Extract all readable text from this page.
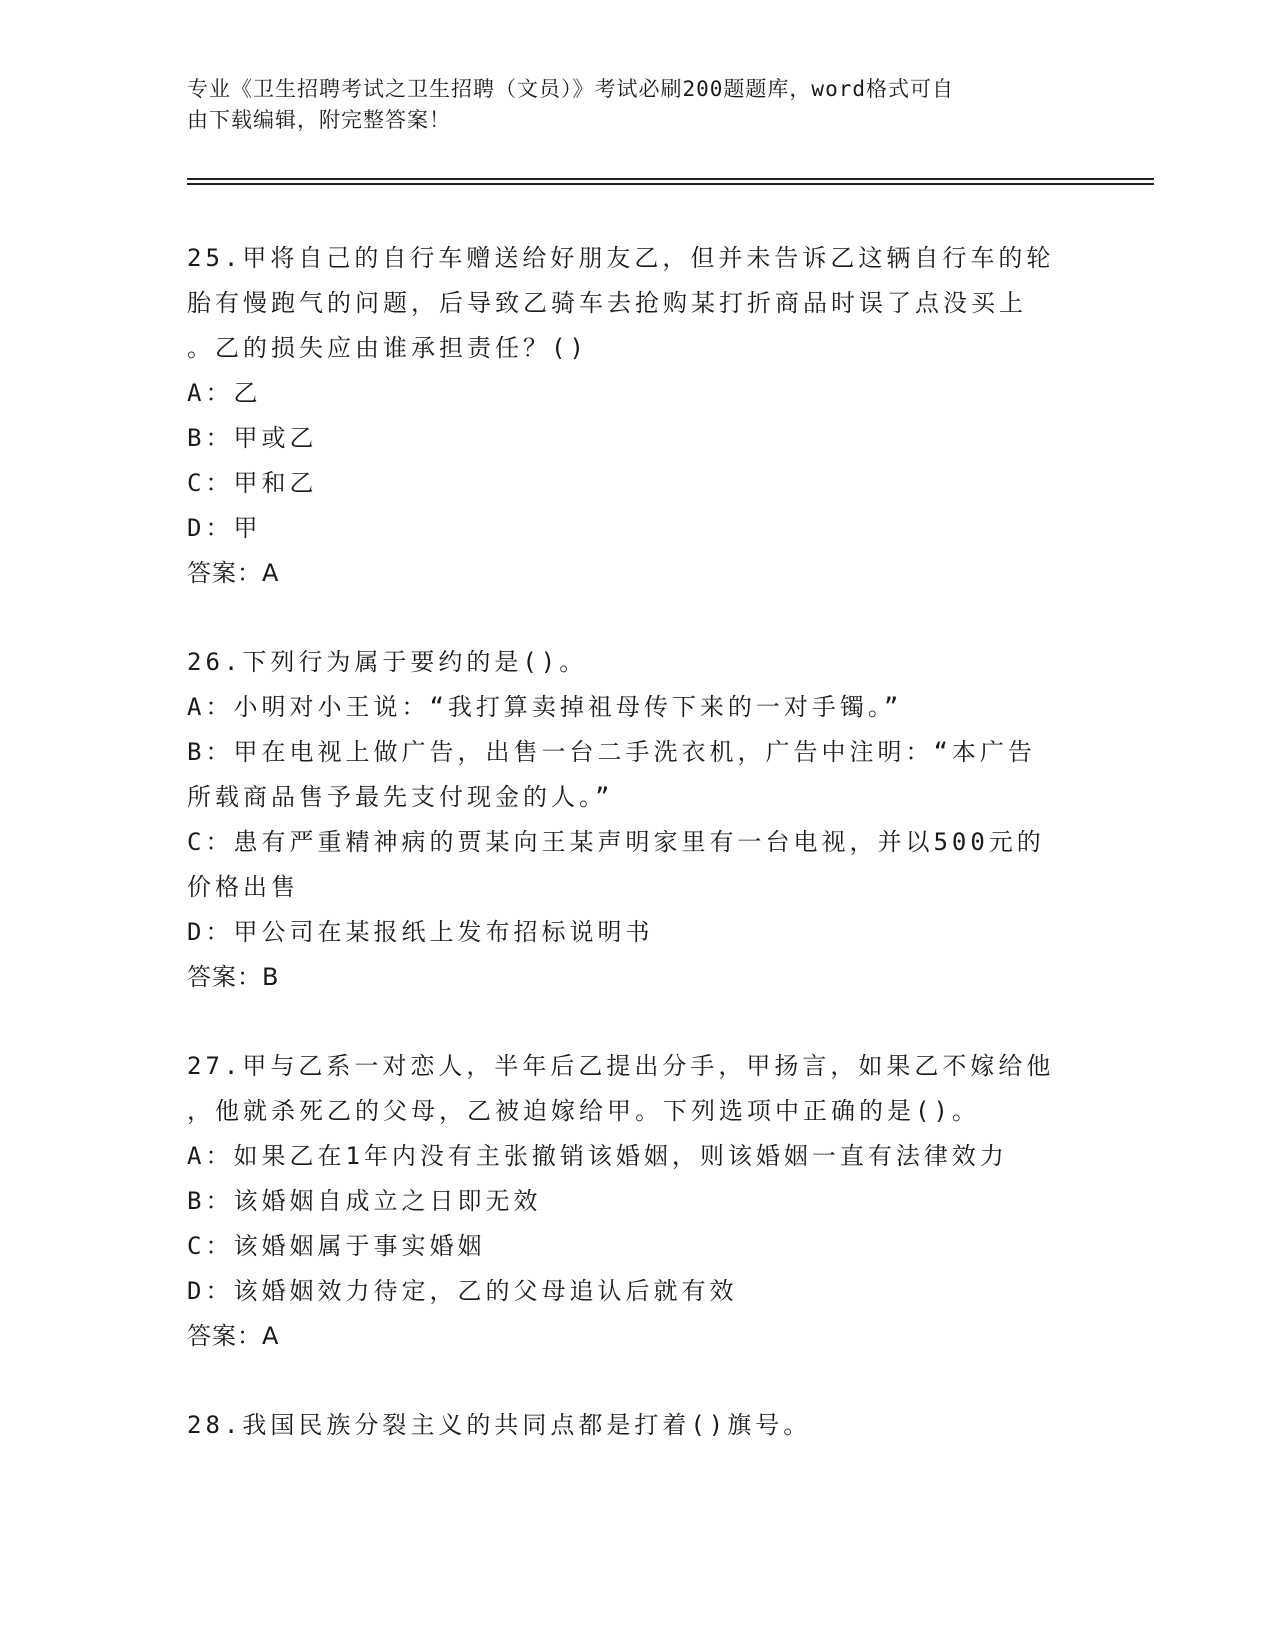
专业《卫生招聘考试之卫生招聘（文员）》考试必刷200题题库，word格式可自
由下载编辑，附完整答案！
25.甲将自己的自行车赠送给好朋友乙，但并未告诉乙这辆自行车的轮
胎有慢跑气的问题，后导致乙骑车去抢购某打折商品时误了点没买上
。乙的损失应由谁承担责任？()
A：乙
B：甲或乙
C：甲和乙
D：甲
答案：A
26.下列行为属于要约的是()。
A：小明对小王说：“我打算卖掉祖母传下来的一对手镯。”
B：甲在电视上做广告，出售一台二手洗衣机，广告中注明：“本广告
所载商品售予最先支付现金的人。”
C：患有严重精神病的贾某向王某声明家里有一台电视，并以500元的
价格出售
D：甲公司在某报纸上发布招标说明书
答案：B
27.甲与乙系一对恋人，半年后乙提出分手，甲扬言，如果乙不嫁给他
，他就杀死乙的父母，乙被迫嫁给甲。下列选项中正确的是()。
A：如果乙在1年内没有主张撤销该婚姻，则该婚姻一直有法律效力
B：该婚姻自成立之日即无效
C：该婚姻属于事实婚姻
D：该婚姻效力待定，乙的父母追认后就有效
答案：A
28.我国民族分裂主义的共同点都是打着()旗号。
